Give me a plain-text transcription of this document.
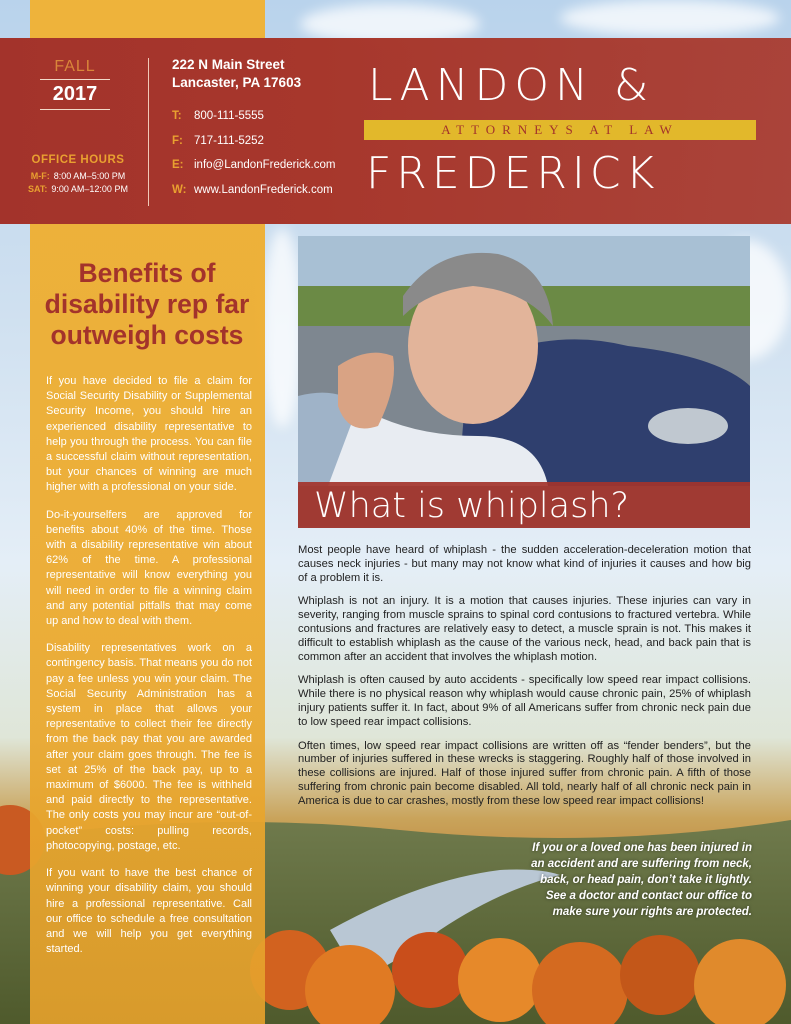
FALL
2017
OFFICE HOURS
M-F: 8:00 AM–5:00 PM
SAT: 9:00 AM–12:00 PM
222 N Main Street
Lancaster, PA 17603
T:	800-111-5555
F: 717-111-5252
E: info@LandonFrederick.com
W: www.LandonFrederick.com
LANDON &
ATTORNEYS AT LAW
FREDERICK
Benefits of disability rep far outweigh costs

If you have decided to file a claim for Social Security Disability or Supplemental Security Income, you should hire an experienced disability representative to help you through the process. You can file a successful claim without representation, but your chances of winning are much higher with a professional on your side.

Do-it-yourselfers are approved for benefits about 40% of the time. Those with a disability representative win about 62% of the time. A professional representative will know everything you will need in order to file a winning claim and any potential pitfalls that may come up and how to deal with them.

Disability representatives work on a contingency basis. That means you do not pay a fee unless you win your claim. The Social Security Administration has a system in place that allows your representative to collect their fee directly from the back pay that you are awarded after your claim goes through. The fee is set at 25% of the back pay, up to a maximum of $6000. The fee is withheld and paid directly to the representative. The only costs you may incur are “out-of-pocket” costs: pulling records, photocopying, postage, etc.

If you want to have the best chance of winning your disability claim, you should hire a professional representative. Call our office to schedule a free consultation and we will help you get everything started.

What is whiplash?

Most people have heard of whiplash - the sudden acceleration-deceleration motion that causes neck injuries - but many may not know what kind of injuries it causes and how big of a problem it is.

Whiplash is not an injury. It is a motion that causes injuries. These injuries can vary in severity, ranging from muscle sprains to spinal cord contusions to fractured vertebra. While contusions and fractures are relatively easy to detect, a muscle sprain is not. This makes it difficult to establish whiplash as the cause of the various neck, head, and back pain that is common after an accident that involves the whiplash motion.

Whiplash is often caused by auto accidents - specifically low speed rear impact collisions. While there is no physical reason why whiplash would cause chronic pain, 25% of whiplash injury patients suffer it. In fact, about 9% of all Americans suffer from chronic neck pain due to low speed rear impact collisions.

Often times, low speed rear impact collisions are written off as “fender benders”, but the number of injuries suffered in these wrecks is staggering. Roughly half of those involved in these collisions are injured. Half of those injured suffer from chronic pain. A fifth of those suffering from chronic pain become disabled. All told, nearly half of all chronic neck pain in America is due to car crashes, mostly from these low speed rear impact collisions!

If you or a loved one has been injured in an accident and are suffering from neck, back, or head pain, don’t take it lightly. See a doctor and contact our office to make sure your rights are protected.
